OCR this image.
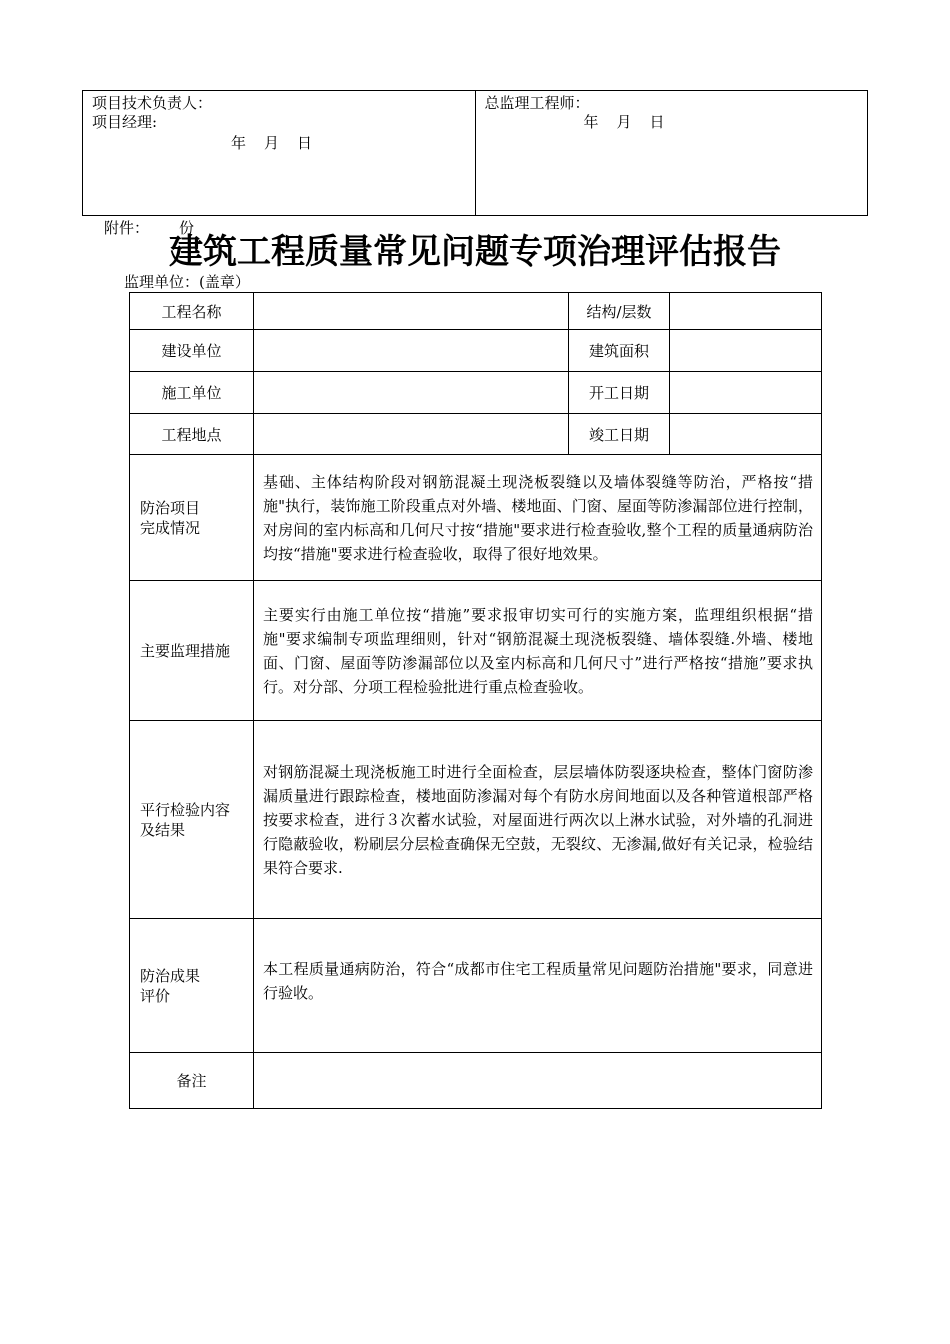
项目技术负责人：
项目经理:
年 月 日
总监理工程师：
年 月 日
附件： 份
建筑工程质量常见问题专项治理评估报告
监理单位：(盖章）
工程名称		结构/层数	
建设单位		建筑面积	
施工单位		开工日期	
工程地点		竣工日期	

防治项目
完成情况	基础、主体结构阶段对钢筋混凝土现浇板裂缝以及墙体裂缝等防治，严格按“措施"执行，装饰施工阶段重点对外墙、楼地面、门窗、屋面等防渗漏部位进行控制，对房间的室内标高和几何尺寸按“措施"要求进行检查验收,整个工程的质量通病防治均按“措施"要求进行检查验收，取得了很好地效果。		
主要监理措施	主要实行由施工单位按“措施”要求报审切实可行的实施方案，监理组织根据“措施"要求编制专项监理细则，针对“钢筋混凝土现浇板裂缝、墙体裂缝.外墙、楼地面、门窗、屋面等防渗漏部位以及室内标高和几何尺寸”进行严格按“措施”要求执行。对分部、分项工程检验批进行重点检查验收。		

平行检验内容
及结果	对钢筋混凝土现浇板施工时进行全面检查，层层墙体防裂逐块检查，整体门窗防渗漏质量进行跟踪检查，楼地面防渗漏对每个有防水房间地面以及各种管道根部严格按要求检查，进行３次蓄水试验，对屋面进行两次以上淋水试验，对外墙的孔洞进行隐蔽验收，粉刷层分层检查确保无空鼓，无裂纹、无渗漏,做好有关记录，检验结果符合要求.		

防治成果
评价	本工程质量通病防治，符合“成都市住宅工程质量常见问题防治措施"要求，同意进行验收。		
备注			
